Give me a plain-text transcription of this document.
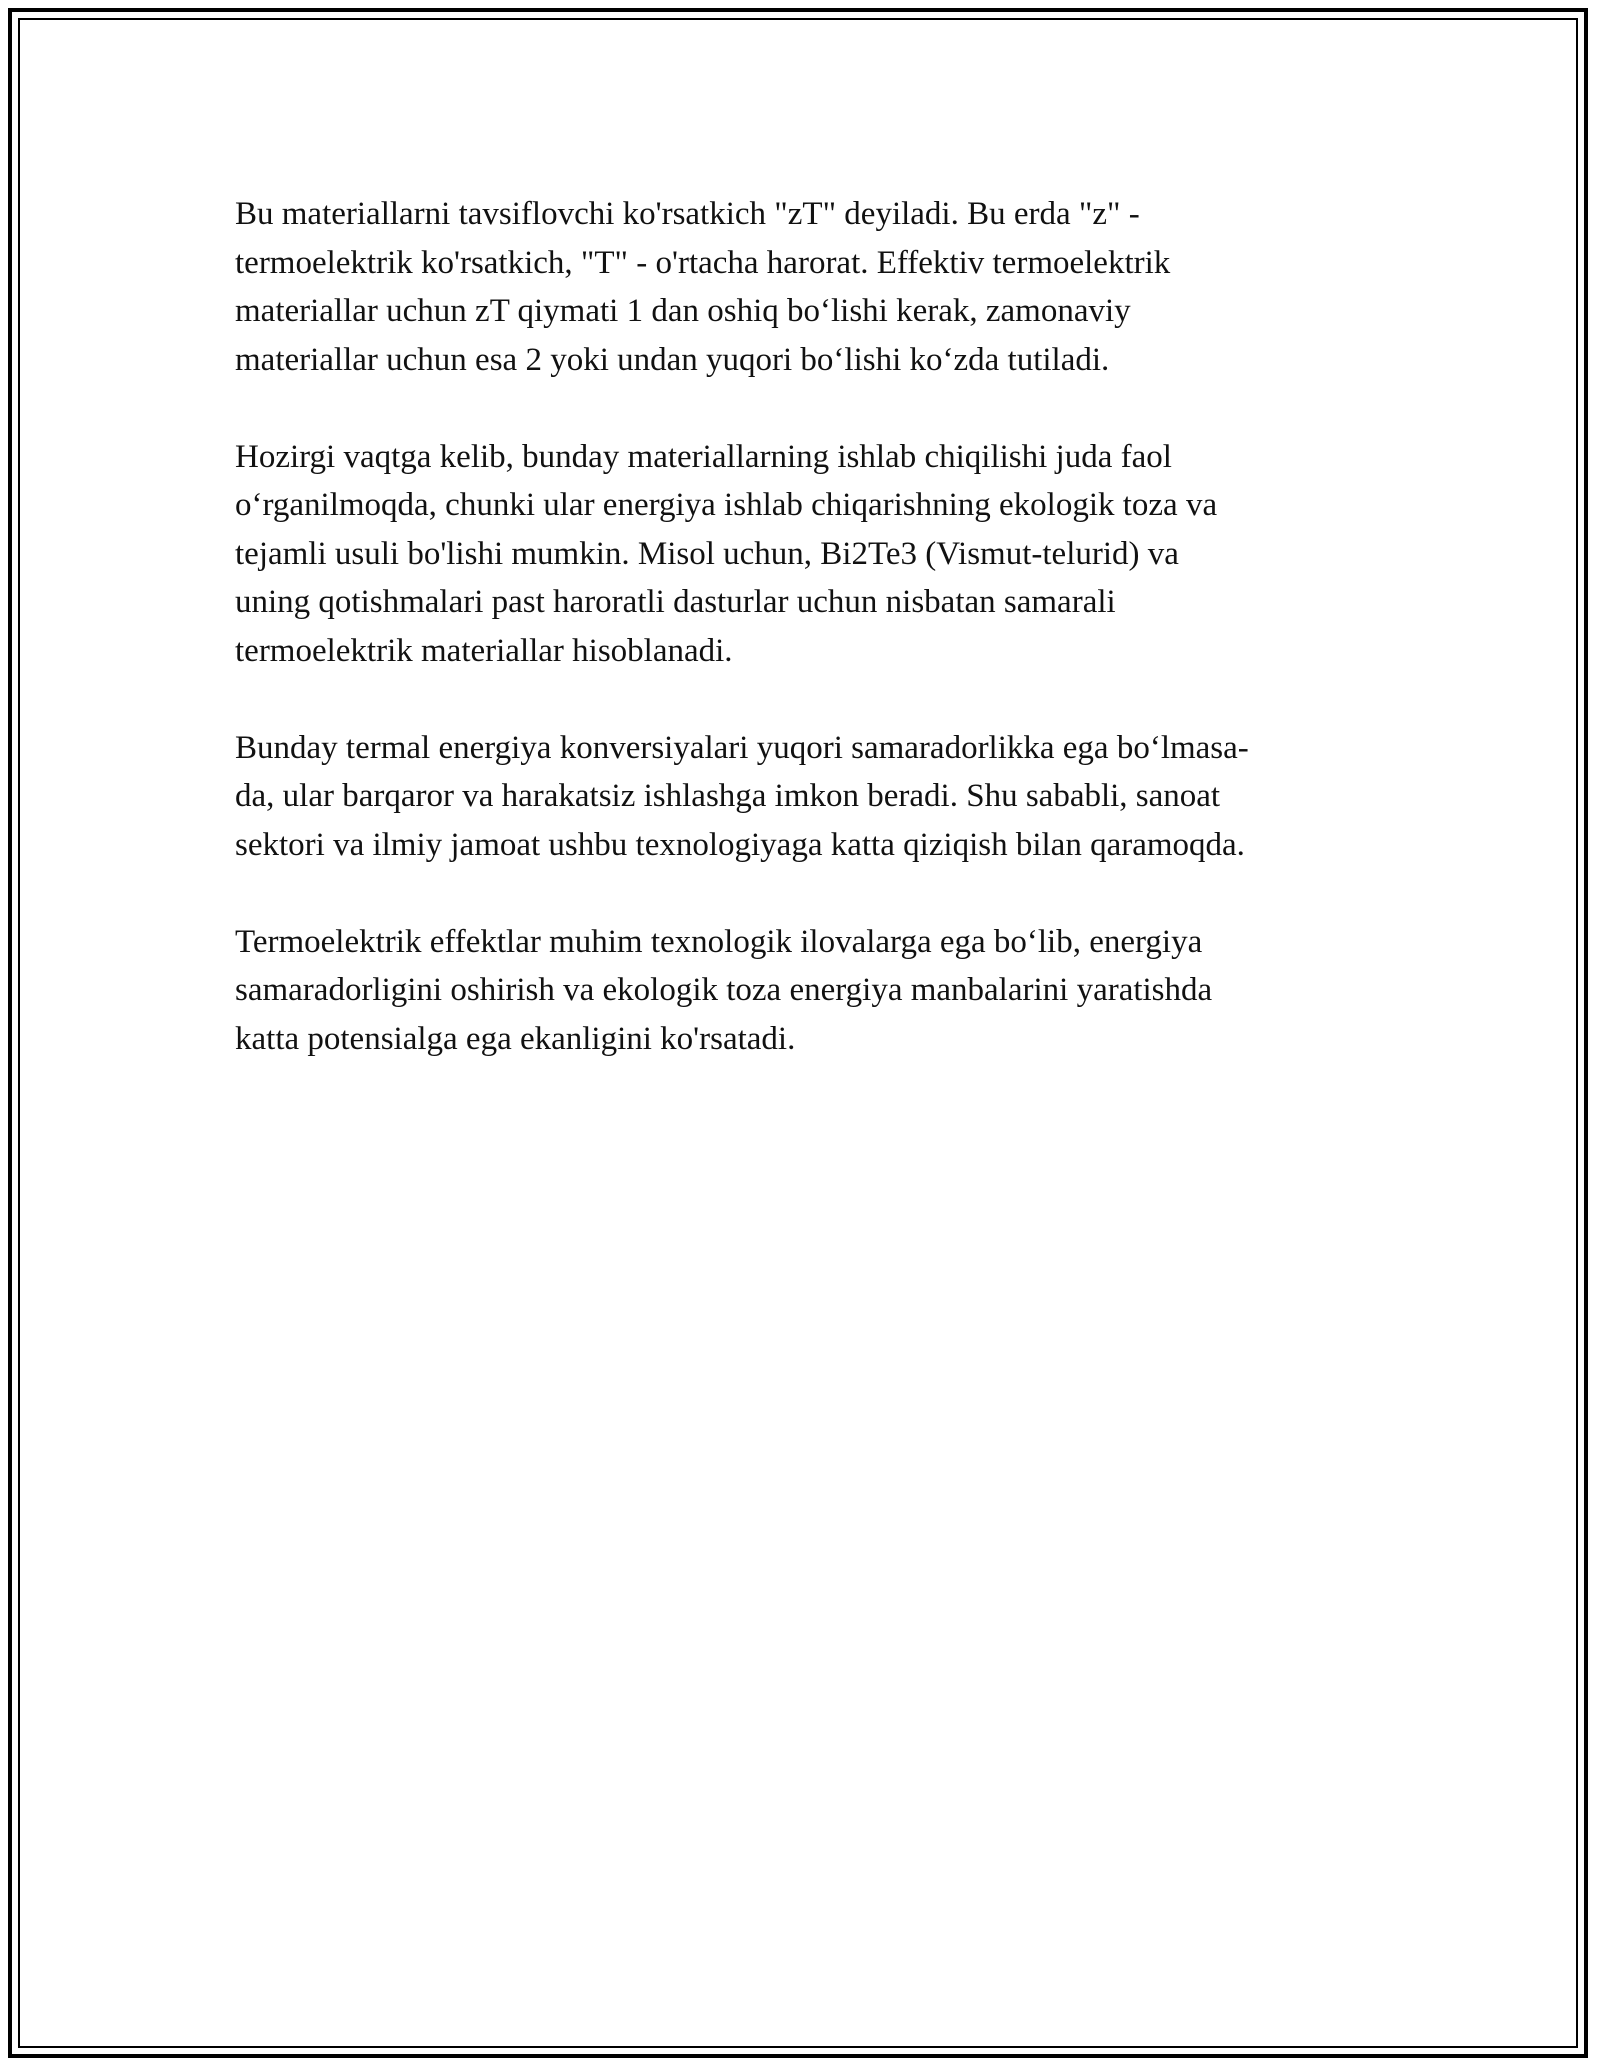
Bu materiallarni tavsiflovchi ko'rsatkich "zT" deyiladi. Bu erda "z" -
termoelektrik ko'rsatkich, "T" - o'rtacha harorat. Effektiv termoelektrik
materiallar uchun zT qiymati 1 dan oshiq bo‘lishi kerak, zamonaviy
materiallar uchun esa 2 yoki undan yuqori bo‘lishi ko‘zda tutiladi.

Hozirgi vaqtga kelib, bunday materiallarning ishlab chiqilishi juda faol
o‘rganilmoqda, chunki ular energiya ishlab chiqarishning ekologik toza va
tejamli usuli bo'lishi mumkin. Misol uchun, Bi2Te3 (Vismut-telurid) va
uning qotishmalari past haroratli dasturlar uchun nisbatan samarali
termoelektrik materiallar hisoblanadi.

Bunday termal energiya konversiyalari yuqori samaradorlikka ega bo‘lmasa-
da, ular barqaror va harakatsiz ishlashga imkon beradi. Shu sababli, sanoat
sektori va ilmiy jamoat ushbu texnologiyaga katta qiziqish bilan qaramoqda.

Termoelektrik effektlar muhim texnologik ilovalarga ega bo‘lib, energiya
samaradorligini oshirish va ekologik toza energiya manbalarini yaratishda
katta potensialga ega ekanligini ko'rsatadi.
